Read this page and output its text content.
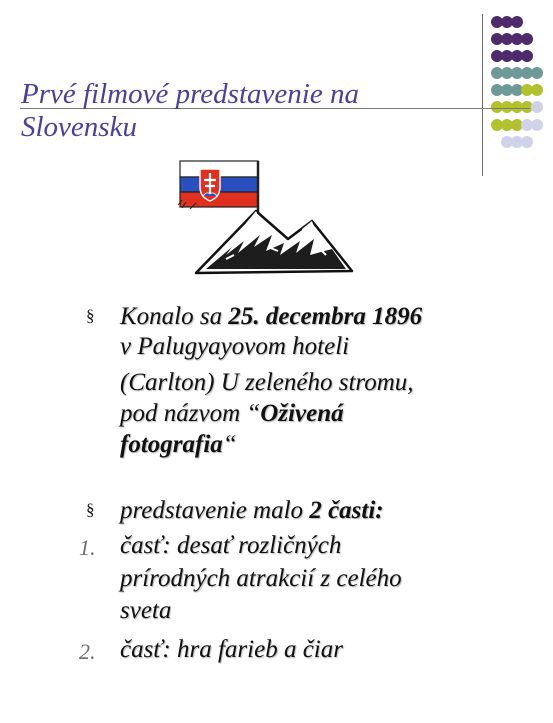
Prvé filmové predstavenie na
Slovensku
§ Konalo sa 25. decembra 1896
v Palugyayovom hoteli
(Carlton) U zeleného stromu,
pod názvom “Oživená
fotografia“
§ predstavenie malo 2 časti:
1. časť: desať rozličných
prírodných atrakcií z celého
sveta
2. časť: hra farieb a čiar
